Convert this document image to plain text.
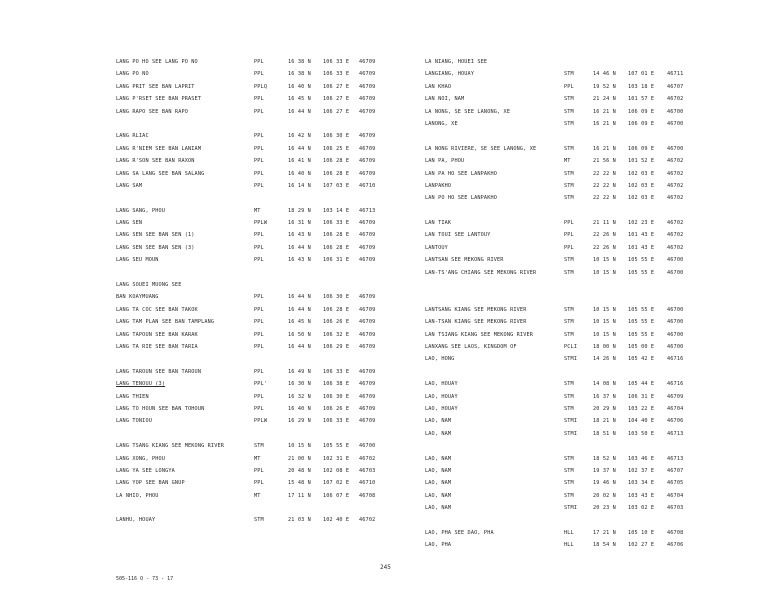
LANG PO HO SEE LANG PO NO	PPL	16 38 N 106 33 E 46709
LANG PO NO	PPL	16 38 N 106 33 E 46709
LANG PRIT SEE BAN LAPRIT	PPLQ	16 40 N 106 27 E 46709
LANG P'RSET SEE BAN PRASET	PPL	16 45 N 106 27 E 46709
LANG RAPO SEE BAN RAPO	PPL	16 44 N 106 27 E 46709
LANG RLIAC	PPL	16 42 N 106 30 E 46709
LANG R'NIEM SEE BAN LANIAM	PPL	16 44 N 106 25 E 46709
LANG R'SON SEE BAN RAXON	PPL	16 41 N 106 28 E 46709
LANG SA LANG SEE BAN SALANG	PPL	16 40 N 106 28 E 46709
LANG SAM	PPL	16 14 N 107 03 E 46710
LANG SANG, PHOU	MT	18 29 N 103 14 E 46713
LANG SEN	PPLW	16 31 N 106 33 E 46709
LANG SEN SEE BAN SEN (1)	PPL	16 43 N 106 28 E 46709
LANG SEN SEE BAN SEN (3)	PPL	16 44 N 106 28 E 46709
LANG SEU MOUN	PPL	16 43 N 106 31 E 46709
LANG SOUEI MUONG SEE
BAN KOAYMUANG	PPL	16 44 N 106 30 E 46709
LANG TA COC SEE BAN TAKOK	PPL	16 44 N 106 28 E 46709
LANG TAM PLAN SEE BAN TAMPLANG	PPL	16 45 N 106 26 E 46709
LANG TAPOUN SEE BAN KARAK	PPL	16 50 N 106 32 E 46709
LANG TA RIE SEE BAN TARIA	PPL	16 44 N 106 29 E 46709
LANG TAROUN SEE BAN TAROUN	PPL	16 49 N 106 33 E 46709
LANG TENOUU (3)	PPL'	16 30 N 106 38 E 46709
LANG THIEN	PPL	16 32 N 106 30 E 46709
LANG TO HOUN SEE BAN TOHOUN	PPL	16 40 N 106 26 E 46709
LANG TONIOU	PPLW	16 29 N 106 33 E 46709
LANG TSANG KIANG SEE MEKONG RIVER	STM	10 15 N 105 55 E 46700
LANG XONG, PHOU	MT	21 00 N 102 31 E 46702
LANG YA SEE LONGYA	PPL	20 48 N 102 08 E 46703
LANG YOP SEE BAN GNUP	PPL	15 48 N 107 02 E 46710
LA NHIO, PHOU	MT	17 11 N 106 07 E 46708
LANHU, HOUAY	STM	21 03 N 102 40 E 46702
LA NIANG, HOUEI SEE
LANGIANG, HOUAY	STM	14 46 N 107 01 E 46711
LAN KHAO	PPL	19 52 N 103 18 E 46707
LAN NOI, NAM	STM	21 24 N 101 57 E 46702
LA NONG, SE SEE LANONG, XE	STM	16 21 N 106 09 E 46700
LANONG, XE	STM	16 21 N 106 09 E 46700
LA NONG RIVIERE, SE SEE LANONG, XE	STM	16 21 N 106 09 E 46700
LAN PA, PHOU	MT	21 56 N 101 52 E 46702
LAN PA HO SEE LANPAKHO	STM	22 22 N 102 03 E 46702
LANPAKHO	STM	22 22 N 102 03 E 46702
LAN PO HO SEE LANPAKHO	STM	22 22 N 102 03 E 46702
LAN TIAK	PPL	21 11 N 102 23 E 46702
LAN TOUI SEE LANTOUY	PPL	22 26 N 101 43 E 46702
LANTOUY	PPL	22 26 N 101 43 E 46702
LANTSAN SEE MEKONG RIVER	STM	10 15 N 105 55 E 46700
LAN-TS'ANG CHIANG SEE MEKONG RIVER	STM	10 15 N 105 55 E 46700
LANTSANG KIANG SEE MEKONG RIVER	STM	10 15 N 105 55 E 46700
LAN-TSAN KIANG SEE MEKONG RIVER	STM	10 15 N 105 55 E 46700
LAN TSIANG KIANG SEE MEKONG RIVER	STM	10 15 N 105 55 E 46700
LANXANG SEE LAOS, KINGDOM OF	PCLI	18 00 N 105 00 E 46700
LAO, HONG	STMI	14 26 N 105 42 E 46716
LAO, HOUAY	STM	14 08 N 105 44 E 46716
LAO, HOUAY	STM	16 37 N 106 31 E 46709
LAO, HOUAY	STM	20 29 N 103 22 E 46704
LAO, NAM	STMI	18 21 N 104 40 E 46706
LAO, NAM	STMI	18 51 N 103 50 E 46713
LAO, NAM	STM	18 52 N 103 46 E 46713
LAO, NAM	STM	19 37 N 102 37 E 46707
LAO, NAM	STM	19 46 N 103 34 E 46705
LAO, NAM	STM	20 02 N 103 43 E 46704
LAO, NAM	STMI	20 23 N 103 02 E 46703
LAO, PHA SEE DAO, PHA	HLL	17 21 N 105 10 E 46708
LAO, PHA	HLL	18 54 N 102 27 E 46706
245
505-116 O - 73 - 17
